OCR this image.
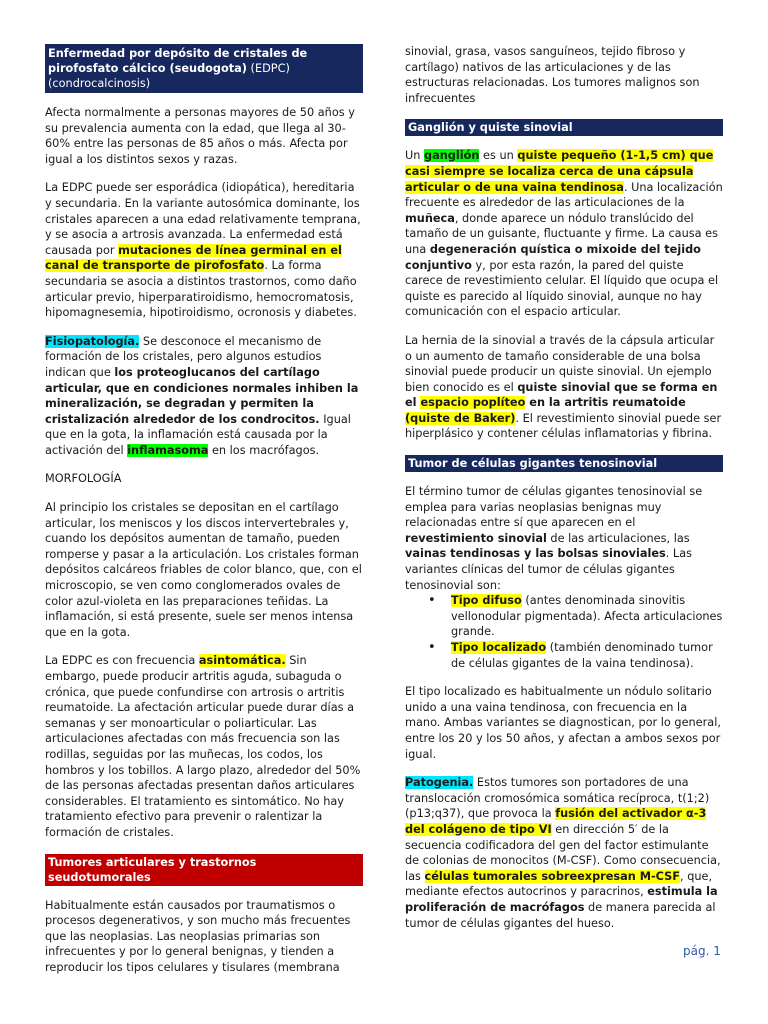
Enfermedad por depósito de cristales de pirofosfato cálcico (seudogota) (EDPC)
(condrocalcinosis)

Afecta normalmente a personas mayores de 50 años y su prevalencia aumenta con la edad, que llega al 30-60% entre las personas de 85 años o más. Afecta por igual a los distintos sexos y razas.

La EDPC puede ser esporádica (idiopática), hereditaria y secundaria. En la variante autosómica dominante, los cristales aparecen a una edad relativamente temprana, y se asocia a artrosis avanzada. La enfermedad está causada por mutaciones de línea germinal en el canal de transporte de pirofosfato. La forma secundaria se asocia a distintos trastornos, como daño articular previo, hiperparatiroidismo, hemocromatosis, hipomagnesemia, hipotiroidismo, ocronosis y diabetes.

Fisiopatología. Se desconoce el mecanismo de formación de los cristales, pero algunos estudios indican que los proteoglucanos del cartílago articular, que en condiciones normales inhiben la mineralización, se degradan y permiten la cristalización alrededor de los condrocitos. Igual que en la gota, la inflamación está causada por la activación del inflamasoma en los macrófagos.

MORFOLOGÍA

Al principio los cristales se depositan en el cartílago articular, los meniscos y los discos intervertebrales y, cuando los depósitos aumentan de tamaño, pueden romperse y pasar a la articulación. Los cristales forman depósitos calcáreos friables de color blanco, que, con el microscopio, se ven como conglomerados ovales de color azul-violeta en las preparaciones teñidas. La inflamación, si está presente, suele ser menos intensa que en la gota.

La EDPC es con frecuencia asintomática. Sin embargo, puede producir artritis aguda, subaguda o crónica, que puede confundirse con artrosis o artritis reumatoide. La afectación articular puede durar días a semanas y ser monoarticular o poliarticular. Las articulaciones afectadas con más frecuencia son las rodillas, seguidas por las muñecas, los codos, los hombros y los tobillos. A largo plazo, alrededor del 50% de las personas afectadas presentan daños articulares considerables. El tratamiento es sintomático. No hay tratamiento efectivo para prevenir o ralentizar la formación de cristales.

Tumores articulares y trastornos seudotumorales

Habitualmente están causados por traumatismos o procesos degenerativos, y son mucho más frecuentes que las neoplasias. Las neoplasias primarias son infrecuentes y por lo general benignas, y tienden a reproducir los tipos celulares y tisulares (membrana

sinovial, grasa, vasos sanguíneos, tejido fibroso y cartílago) nativos de las articulaciones y de las estructuras relacionadas. Los tumores malignos son infrecuentes

Ganglión y quiste sinovial

Un ganglión es un quiste pequeño (1-1,5 cm) que casi siempre se localiza cerca de una cápsula articular o de una vaina tendinosa. Una localización frecuente es alrededor de las articulaciones de la muñeca, donde aparece un nódulo translúcido del tamaño de un guisante, fluctuante y firme. La causa es una degeneración quística o mixoide del tejido conjuntivo y, por esta razón, la pared del quiste carece de revestimiento celular. El líquido que ocupa el quiste es parecido al líquido sinovial, aunque no hay comunicación con el espacio articular.

La hernia de la sinovial a través de la cápsula articular o un aumento de tamaño considerable de una bolsa sinovial puede producir un quiste sinovial. Un ejemplo bien conocido es el quiste sinovial que se forma en el espacio poplíteo en la artritis reumatoide (quiste de Baker). El revestimiento sinovial puede ser hiperplásico y contener células inflamatorias y fibrina.

Tumor de células gigantes tenosinovial

El término tumor de células gigantes tenosinovial se emplea para varias neoplasias benignas muy relacionadas entre sí que aparecen en el revestimiento sinovial de las articulaciones, las vainas tendinosas y las bolsas sinoviales. Las variantes clínicas del tumor de células gigantes tenosinovial son:

• Tipo difuso (antes denominada sinovitis vellonodular pigmentada). Afecta articulaciones grande.
• Tipo localizado (también denominado tumor de células gigantes de la vaina tendinosa).

El tipo localizado es habitualmente un nódulo solitario unido a una vaina tendinosa, con frecuencia en la mano. Ambas variantes se diagnostican, por lo general, entre los 20 y los 50 años, y afectan a ambos sexos por igual.

Patogenia. Estos tumores son portadores de una translocación cromosómica somática recíproca, t(1;2)(p13;q37), que provoca la fusión del activador α-3 del colágeno de tipo VI en dirección 5′ de la secuencia codificadora del gen del factor estimulante de colonias de monocitos (M-CSF). Como consecuencia, las células tumorales sobreexpresan M-CSF, que, mediante efectos autocrinos y paracrinos, estimula la proliferación de macrófagos de manera parecida al tumor de células gigantes del hueso.

pág. 1
